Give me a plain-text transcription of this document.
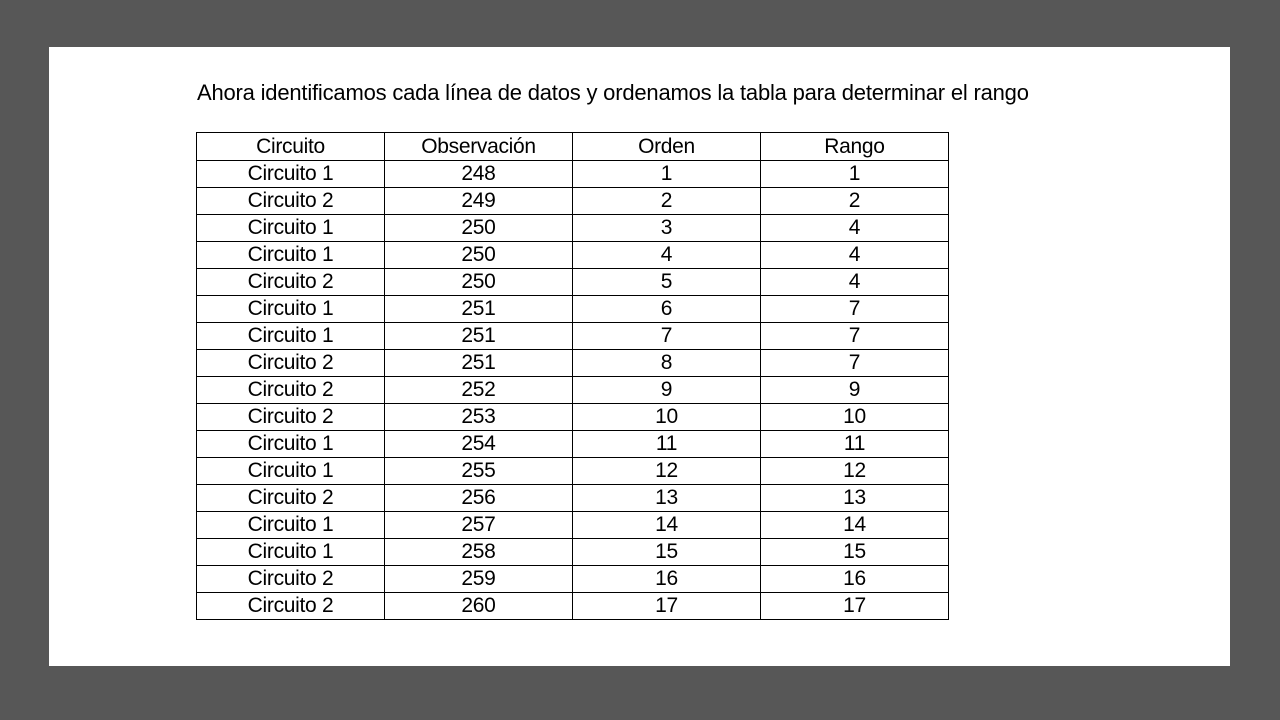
Ahora identificamos cada línea de datos y ordenamos la tabla para determinar el rango
Circuito	Observación	Orden	Rango
Circuito 1	248	1	1
Circuito 2	249	2	2
Circuito 1	250	3	4
Circuito 1	250	4	4
Circuito 2	250	5	4
Circuito 1	251	6	7
Circuito 1	251	7	7
Circuito 2	251	8	7
Circuito 2	252	9	9
Circuito 2	253	10	10
Circuito 1	254	11	11
Circuito 1	255	12	12
Circuito 2	256	13	13
Circuito 1	257	14	14
Circuito 1	258	15	15
Circuito 2	259	16	16
Circuito 2	260	17	17
